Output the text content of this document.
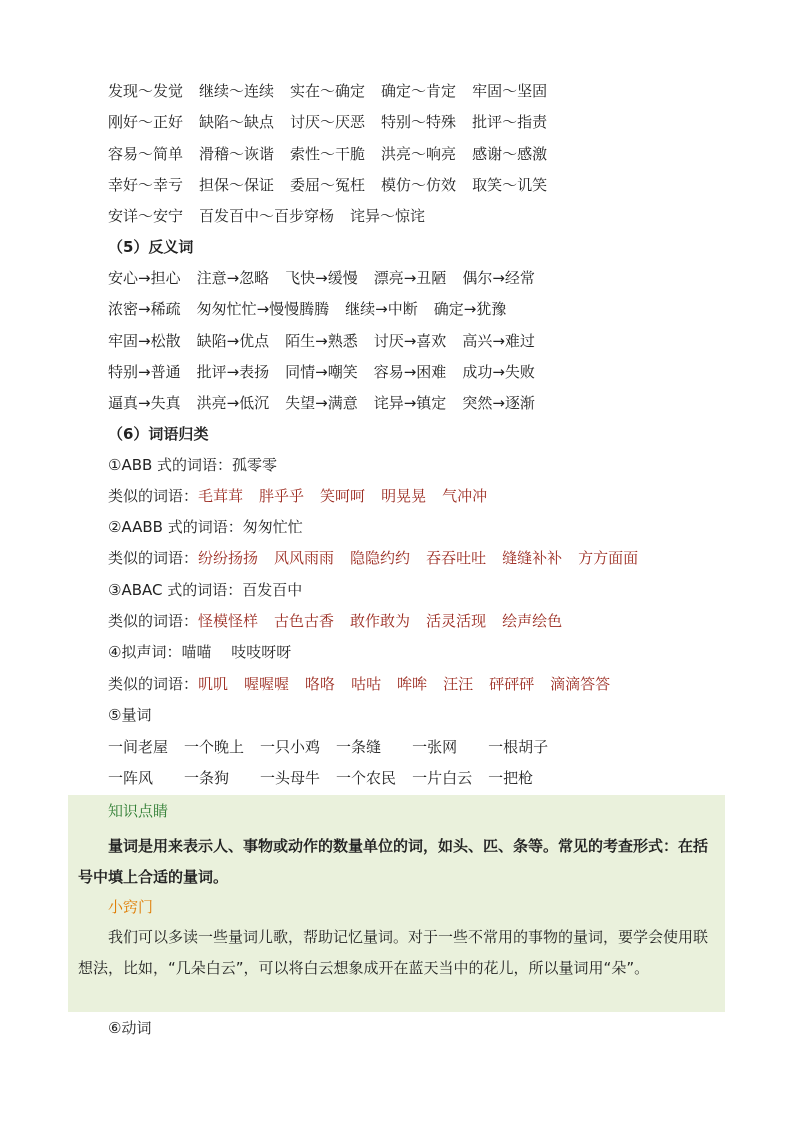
发现～发觉 继续～连续 实在～确定 确定～肯定 牢固～坚固
刚好～正好 缺陷～缺点 讨厌～厌恶 特别～特殊 批评～指责
容易～简单 滑稽～诙谐 索性～干脆 洪亮～响亮 感谢～感激
幸好～幸亏 担保～保证 委屈～冤枉 模仿～仿效 取笑～讥笑
安详～安宁 百发百中～百步穿杨 诧异～惊诧
（5）反义词
安心→担心 注意→忽略 飞快→缓慢 漂亮→丑陋 偶尔→经常
浓密→稀疏 匆匆忙忙→慢慢腾腾 继续→中断 确定→犹豫
牢固→松散 缺陷→优点 陌生→熟悉 讨厌→喜欢 高兴→难过
特别→普通 批评→表扬 同情→嘲笑 容易→困难 成功→失败
逼真→失真 洪亮→低沉 失望→满意 诧异→镇定 突然→逐渐
（6）词语归类
①ABB 式的词语：孤零零
类似的词语：毛茸茸 胖乎乎 笑呵呵 明晃晃 气冲冲
②AABB 式的词语：匆匆忙忙
类似的词语：纷纷扬扬 风风雨雨 隐隐约约 吞吞吐吐 缝缝补补 方方面面
③ABAC 式的词语：百发百中
类似的词语：怪模怪样 古色古香 敢作敢为 活灵活现 绘声绘色
④拟声词：喵喵　 吱吱呀呀
类似的词语：叽叽 喔喔喔 咯咯 咕咕 哞哞 汪汪 砰砰砰 滴滴答答
⑤量词
一间老屋 一个晚上 一只小鸡 一条缝　一张网　一根胡子
一阵风　一条狗　一头母牛 一个农民 一片白云 一把枪
知识点睛
量词是用来表示人、事物或动作的数量单位的词，如头、匹、条等。常见的考查形式：在括号中填上合适的量词。
小窍门
我们可以多读一些量词儿歌，帮助记忆量词。对于一些不常用的事物的量词，要学会使用联想法，比如，“几朵白云”，可以将白云想象成开在蓝天当中的花儿，所以量词用“朵”。
⑥动词
